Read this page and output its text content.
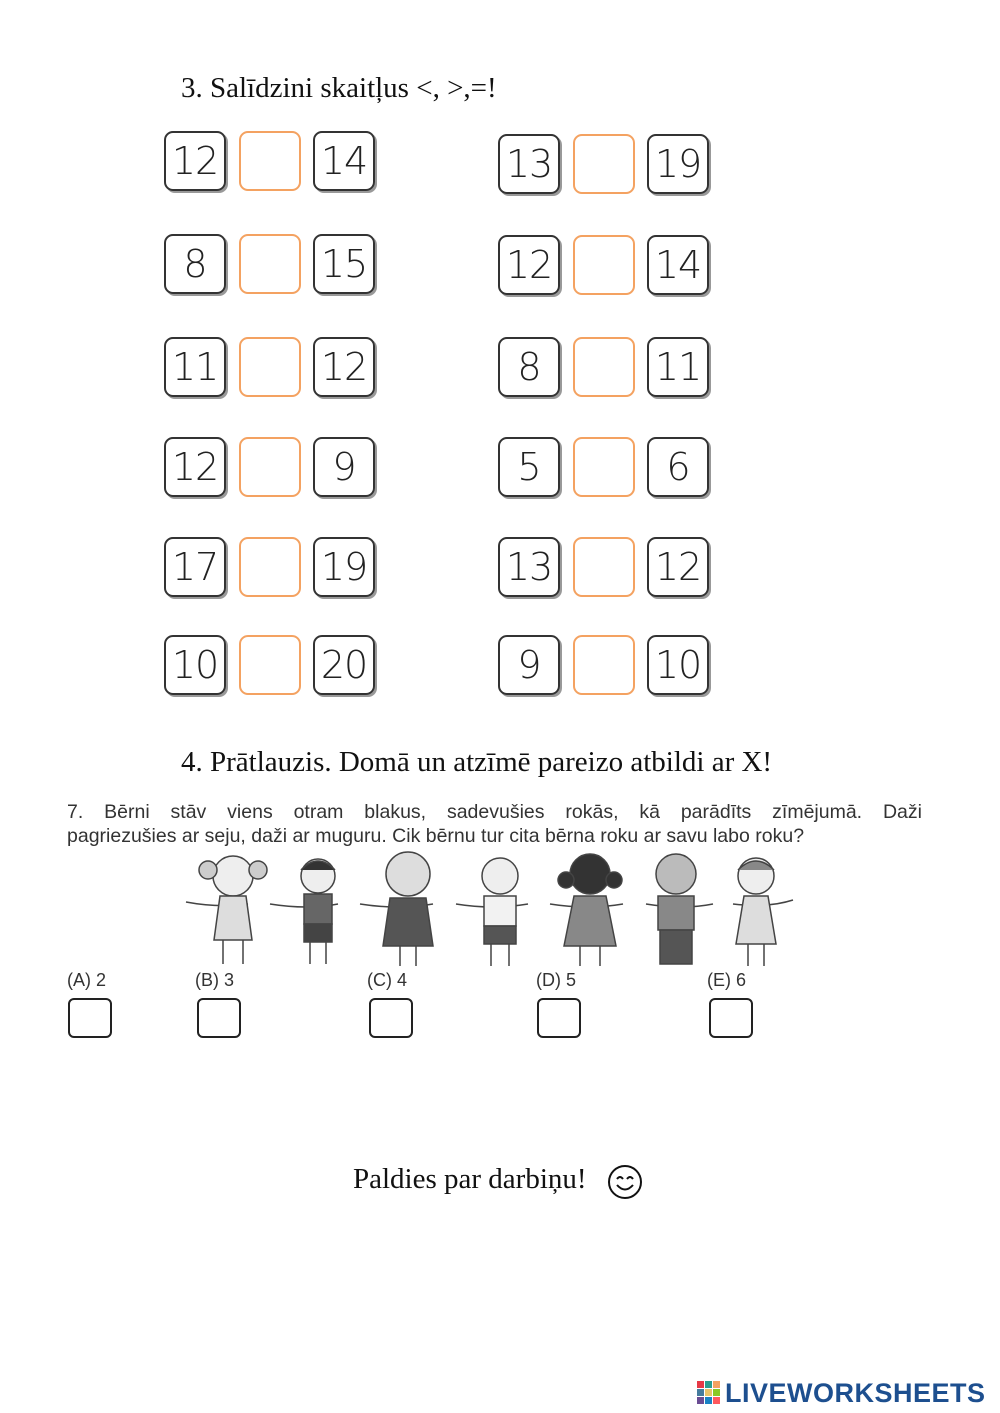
3. Salīdzini skaitļus <, >,=!
12	14
8	15
11	12
12	9
17	19
10	20
13	19
12	14
8	11
5	6
13	12
9	10
4. Prātlauzis. Domā un atzīmē pareizo atbildi ar X!
7. Bērni stāv viens otram blakus, sadevušies rokās, kā parādīts zīmējumā. Daži

pagriezušies ar seju, daži ar muguru. Cik bērnu tur cita bērna roku ar savu labo roku?
(A) 2	(B) 3	(C) 4	(D) 5	(E) 6
Paldies par darbiņu!
LIVEWORKSHEETS
